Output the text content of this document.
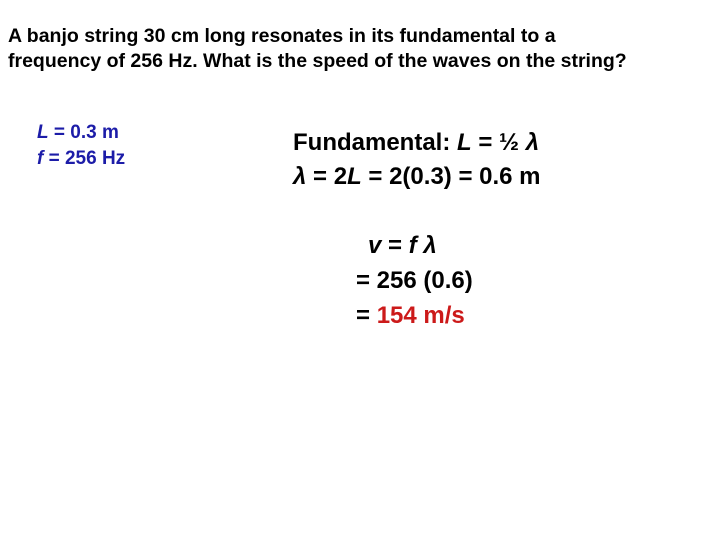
A banjo string 30 cm long resonates in its fundamental to a
frequency of 256 Hz. What is the speed of the waves on the string?
L = 0.3 m
f = 256 Hz
Fundamental: L = ½ λ
λ = 2L = 2(0.3) = 0.6 m
v = f λ
= 256 (0.6)
= 154 m/s
